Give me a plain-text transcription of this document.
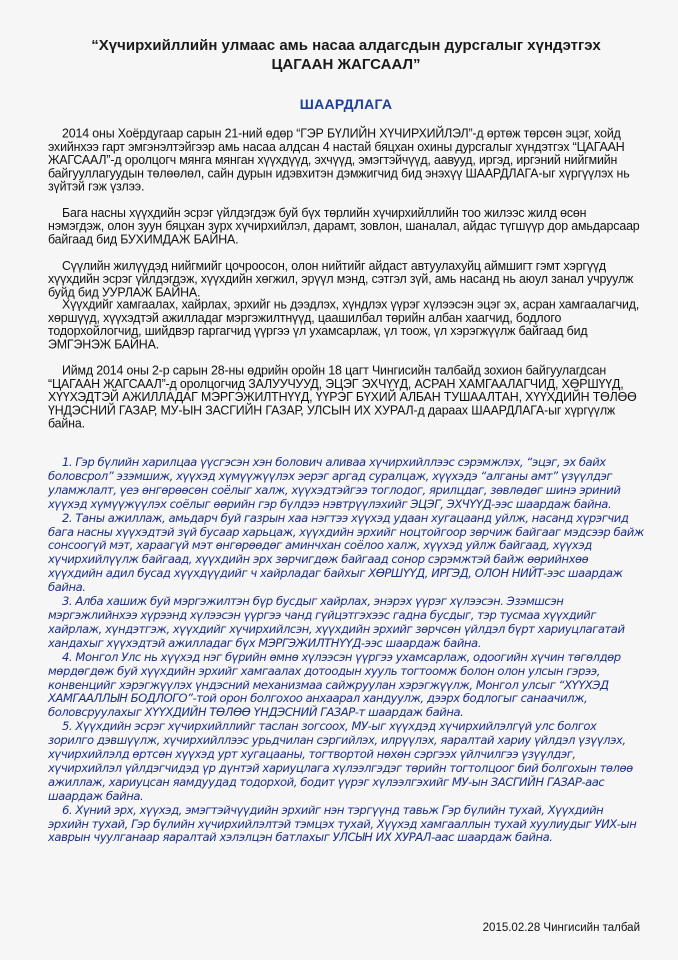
“Хүчирхийллийн улмаас амь насаа алдагсдын дурсгалыг хүндэтгэх
ЦАГААН ЖАГСААЛ”
ШААРДЛАГА

2014 оны Хоёрдугаар сарын 21-ний өдөр “ГЭР БҮЛИЙН ХҮЧИРХИЙЛЭЛ”-д өртөж төрсөн эцэг, хойд эхийнхээ гарт эмгэнэлтэйгээр амь насаа алдсан 4 настай бяцхан охины дурсгалыг хүндэтгэх “ЦАГААН ЖАГСААЛ”-д оролцогч мянга мянган хүүхдүүд, эхчүүд, эмэгтэйчүүд, аавууд, иргэд, иргэний нийгмийн байгууллагуудын төлөөлөл, сайн дурын идэвхитэн дэмжигчид бид энэхүү ШААРДЛАГА-ыг хүргүүлэх нь зүйтэй гэж үзлээ.

Бага насны хүүхдийн эсрэг үйлдэгдэж буй бүх төрлийн хүчирхийллийн тоо жилээс жилд өсөн нэмэгдэж, олон зуун бяцхан зүрх хүчирхийлэл, дарамт, зовлон, шаналал, айдас түгшүүр дор амьдарсаар байгаад бид БУХИМДАЖ БАЙНА.

Сүүлийн жилүүдэд нийгмийг цочроосон, олон нийтийг айдаст автуулахуйц аймшигт гэмт хэргүүд хүүхдийн эсрэг үйлдэгдэж, хүүхдийн хөгжил, эрүүл мэнд, сэтгэл зүй, амь насанд нь аюул занал учруулж буйд бид УУРЛАЖ БАЙНА.

Хүүхдийг хамгаалах, хайрлах, эрхийг нь дээдлэх, хүндлэх үүрэг хүлээсэн эцэг эх, асран хамгаалагчид, хөршүүд, хүүхэдтэй ажилладаг мэргэжилтнүүд, цаашилбал төрийн албан хаагчид, бодлого тодорхойлогчид, шийдвэр гаргагчид үүргээ үл ухамсарлаж, үл тоож, үл хэрэгжүүлж байгаад бид ЭМГЭНЭЖ БАЙНА.

Иймд 2014 оны 2-р сарын 28-ны өдрийн оройн 18 цагт Чингисийн талбайд зохион байгуулагдсан “ЦАГААН ЖАГСААЛ”-д оролцогчид ЗАЛУУЧУУД, ЭЦЭГ ЭХЧҮҮД, АСРАН ХАМГААЛАГЧИД, ХӨРШҮҮД, ХҮҮХЭДТЭЙ АЖИЛЛАДАГ МЭРГЭЖИЛТНҮҮД, ҮҮРЭГ БҮХИЙ АЛБАН ТУШААЛТАН, ХҮҮХДИЙН ТӨЛӨӨ ҮНДЭСНИЙ ГАЗАР, МУ-ЫН ЗАСГИЙН ГАЗАР, УЛСЫН ИХ ХУРАЛ-д дараах ШААРДЛАГА-ыг хүргүүлж байна.

1. Гэр бүлийн харилцаа үүсгэсэн хэн болович аливаа хүчирхийллээс сэрэмжлэх, “эцэг, эх байх боловсрол” эзэмшиж, хүүхэд хүмүүжүүлэх эерэг аргад суралцаж, хүүхэдэ “алганы амт” үзүүлдэг уламжлалт, үеэ өнгөрөөсөн соёлыг халж, хүүхэдтэйгээ тоглодог, ярилцдаг, зөвлөдөг шинэ эриний хүүхэд хүмүүжүүлэх соёлыг өөрийн гэр бүлдээ нэвтрүүлэхийг ЭЦЭГ, ЭХЧҮҮД-ээс шаардаж байна.

2. Таны ажиллаж, амьдарч буй газрын хаа нэгтээ хүүхэд удаан хугацаанд уйлж, насанд хүрэгчид бага насны хүүхэдтэй зүй бусаар харьцаж, хүүхдийн эрхийг ноцтойгоор зөрчиж байгааг мэдсээр байж сонсоогүй мэт, хараагүй мэт өнгөрөөдөг аминчхан соёлоо халж, хүүхэд уйлж байгаад, хүүхэд хүчирхийлүүлж байгаад, хүүхдийн эрх зөрчигдөж байгаад сонор сэрэмжтэй байж өөрийнхөө хүүхдийн адил бусад хүүхдүүдийг ч хайрладаг байхыг ХӨРШҮҮД, ИРГЭД, ОЛОН НИЙТ-ээс шаардаж байна.

3. Алба хашиж буй мэргэжилтэн бүр бусдыг хайрлах, энэрэх үүрэг хүлээсэн. Эзэмшсэн мэргэжлийнхээ хүрээнд хүлээсэн үүргээ чанд гүйцэтгэхээс гадна бусдыг, тэр тусмаа хүүхдийг хайрлаж, хүндэтгэж, хүүхдийг хүчирхийлсэн, хүүхдийн эрхийг зөрчсөн үйлдэл бүрт хариуцлагатай хандахыг хүүхэдтэй ажилладаг бүх МЭРГЭЖИЛТНҮҮД-ээс шаардаж байна.

4. Монгол Улс нь хүүхэд нэг бүрийн өмнө хүлээсэн үүргээ ухамсарлаж, одоогийн хүчин төгөлдөр мөрдөгдөж буй хүүхдийн эрхийг хамгаалах дотоодын хууль тогтоомж болон олон улсын гэрээ, конвенцийг хэрэгжүүлэх үндэсний механизмаа сайжруулан хэрэгжүүлж, Монгол улсыг “ХҮҮХЭД ХАМГААЛЛЫН БОДЛОГО”-той орон болгохоо анхаарал хандуулж, дээрх бодлогыг санаачилж, боловсруулахыг ХҮҮХДИЙН ТӨЛӨӨ ҮНДЭСНИЙ ГАЗАР-т шаардаж байна.

5. Хүүхдийн эсрэг хүчирхийллийг таслан зогсоох, МУ-ыг хүүхдэд хүчирхийлэлгүй улс болгох зорилго дэвшүүлж, хүчирхийллээс урьдчилан сэргийлэх, илрүүлэх, яаралтай хариу үйлдэл үзүүлэх, хүчирхийлэлд өртсөн хүүхэд урт хугацааны, тогтвортой нөхөн сэргээх үйлчилгээ үзүүлдэг, хүчирхийлэл үйлдэгчидэд үр дүнтэй хариуцлага хүлээлгэдэг төрийн тогтолцоог бий болгохын төлөө ажиллаж, хариуцсан яамдуудад тодорхой, бодит үүрэг хүлээлгэхийг МУ-ын ЗАСГИЙН ГАЗАР-аас шаардаж байна.

6. Хүний эрх, хүүхэд, эмэгтэйчүүдийн эрхийг нэн тэргүүнд тавьж Гэр бүлийн тухай, Хүүхдийн эрхийн тухай, Гэр бүлийн хүчирхийлэлтэй тэмцэх тухай, Хүүхэд хамгааллын тухай хуулиудыг УИХ-ын хаврын чуулганаар яаралтай хэлэлцэн батлахыг УЛСЫН ИХ ХУРАЛ-аас шаардаж байна.

2015.02.28 Чингисийн талбай
